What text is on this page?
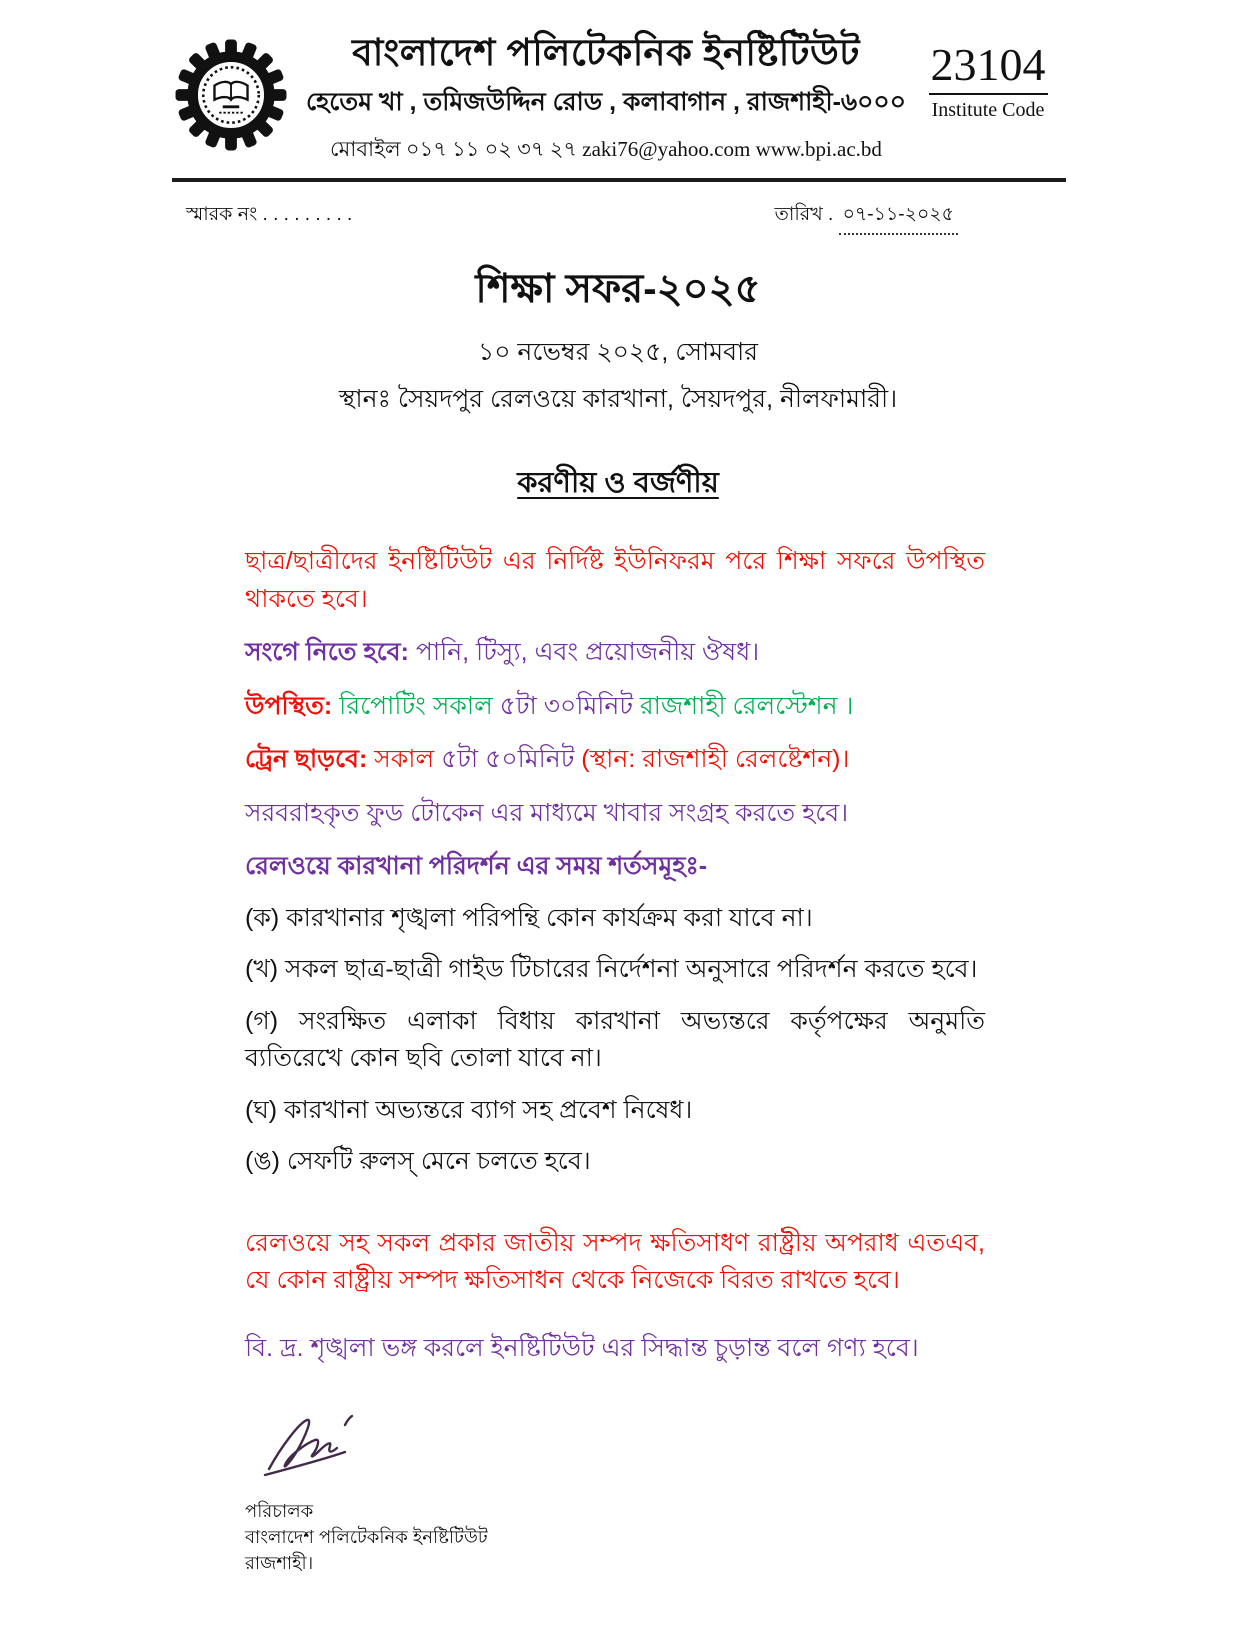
বাংলাদেশ পলিটেকনিক ইনষ্টিটিউট
হেতেম খা , তমিজউদ্দিন রোড , কলাবাগান , রাজশাহী-৬০০০
মোবাইল ০১৭ ১১ ০২ ৩৭ ২৭ zaki76@yahoo.com www.bpi.ac.bd
23104
Institute Code
স্মারক নং . . . . . . . . .	তারিখ . ০৭-১১-২০২৫
শিক্ষা সফর-২০২৫
১০ নভেম্বর ২০২৫, সোমবার
স্থানঃ সৈয়দপুর রেলওয়ে কারখানা, সৈয়দপুর, নীলফামারী।
করণীয় ও বর্জণীয়

ছাত্র/ছাত্রীদের ইনষ্টিটিউট এর নির্দিষ্ট ইউনিফরম পরে শিক্ষা সফরে উপস্থিত থাকতে হবে।

সংগে নিতে হবে: পানি, টিস্যু, এবং প্রয়োজনীয় ঔষধ।

উপস্থিত: রিপোটিং সকাল ৫টা ৩০মিনিট রাজশাহী রেলস্টেশন ।

ট্রেন ছাড়বে: সকাল ৫টা ৫০মিনিট (স্থান: রাজশাহী রেলষ্টেশন)।

সরবরাহকৃত ফুড টোকেন এর মাধ্যমে খাবার সংগ্রহ করতে হবে।

রেলওয়ে কারখানা পরিদর্শন এর সময় শর্তসমূহঃ-

(ক) কারখানার শৃঙ্খলা পরিপন্থি কোন কার্যক্রম করা যাবে না।

(খ) সকল ছাত্র-ছাত্রী গাইড টিচারের নির্দেশনা অনুসারে পরিদর্শন করতে হবে।

(গ) সংরক্ষিত এলাকা বিধায় কারখানা অভ্যন্তরে কর্তৃপক্ষের অনুমতি ব্যতিরেখে কোন ছবি তোলা যাবে না।

(ঘ) কারখানা অভ্যন্তরে ব্যাগ সহ প্রবেশ নিষেধ।

(ঙ) সেফটি রুলস্ মেনে চলতে হবে।

রেলওয়ে সহ সকল প্রকার জাতীয় সম্পদ ক্ষতিসাধণ রাষ্ট্রীয় অপরাধ এতএব, যে কোন রাষ্ট্রীয় সম্পদ ক্ষতিসাধন থেকে নিজেকে বিরত রাখতে হবে।

বি. দ্র. শৃঙ্খলা ভঙ্গ করলে ইনষ্টিটিউট এর সিদ্ধান্ত চুড়ান্ত বলে গণ্য হবে।

পরিচালক
বাংলাদেশ পলিটেকনিক ইনষ্টিটিউট
রাজশাহী।
